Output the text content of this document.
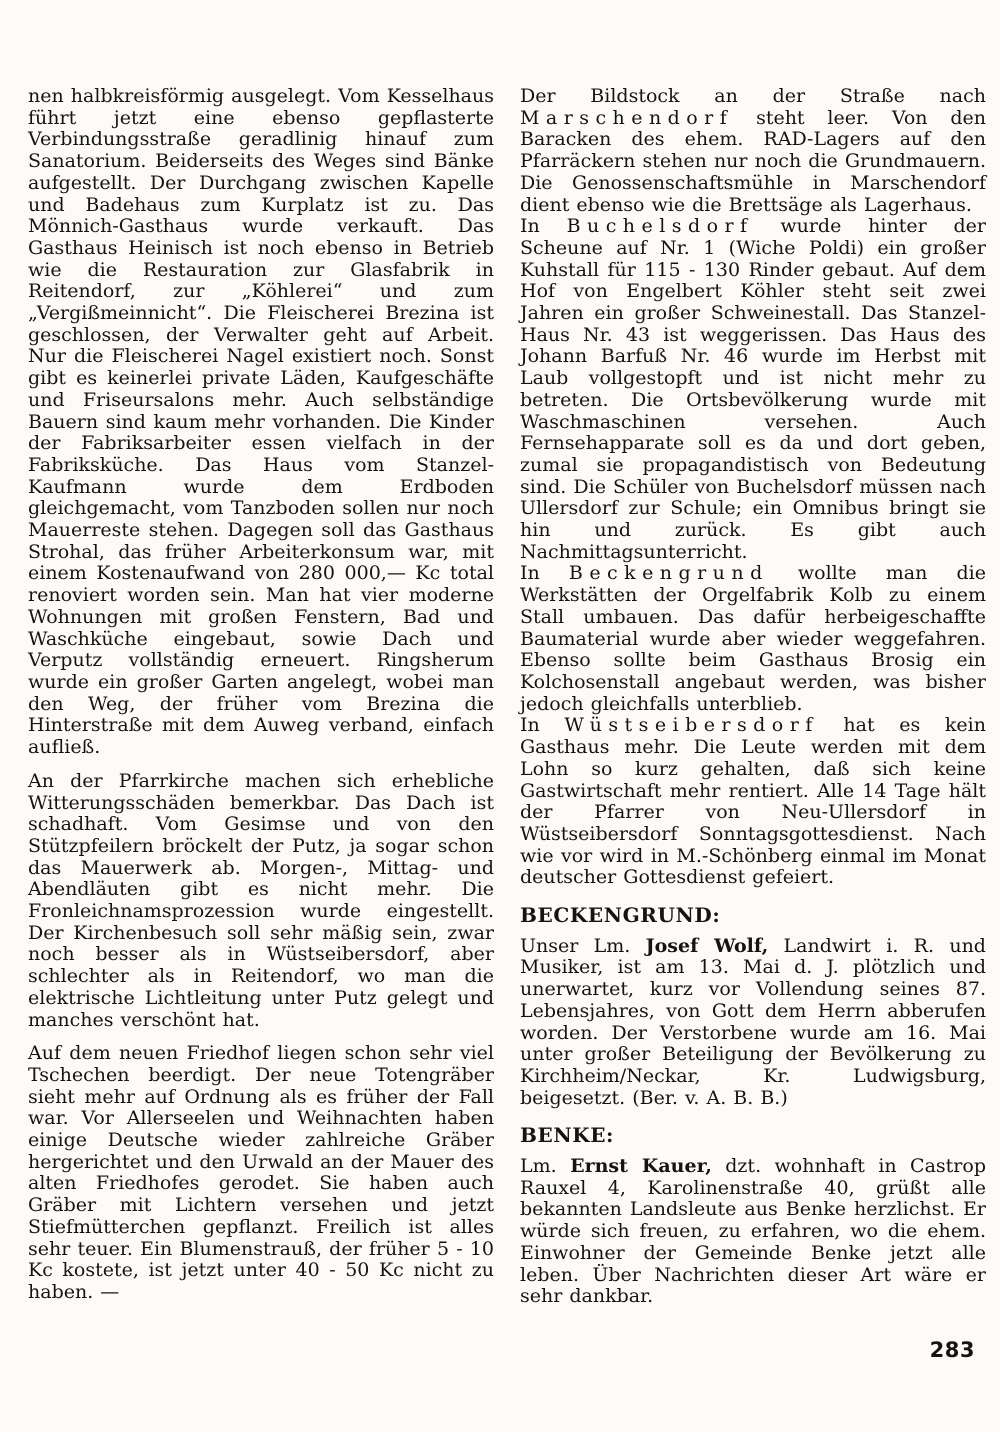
nen halbkreisförmig ausgelegt. Vom Kesselhaus führt jetzt eine ebenso gepflasterte Verbindungsstraße geradlinig hinauf zum Sanatorium. Beiderseits des Weges sind Bänke aufgestellt. Der Durchgang zwischen Kapelle und Badehaus zum Kurplatz ist zu. Das Mönnich-Gasthaus wurde verkauft. Das Gasthaus Heinisch ist noch ebenso in Betrieb wie die Restauration zur Glasfabrik in Reitendorf, zur „Köhlerei“ und zum „Vergißmeinnicht“. Die Fleischerei Brezina ist geschlossen, der Verwalter geht auf Arbeit. Nur die Fleischerei Nagel existiert noch. Sonst gibt es keinerlei private Läden, Kaufgeschäfte und Friseursalons mehr. Auch selbständige Bauern sind kaum mehr vorhanden. Die Kinder der Fabriksarbeiter essen vielfach in der Fabriksküche. Das Haus vom Stanzel-Kaufmann wurde dem Erdboden gleichgemacht, vom Tanzboden sollen nur noch Mauerreste stehen. Dagegen soll das Gasthaus Strohal, das früher Arbeiterkonsum war, mit einem Kostenaufwand von 280 000,— Kc total renoviert worden sein. Man hat vier moderne Wohnungen mit großen Fenstern, Bad und Waschküche eingebaut, sowie Dach und Verputz vollständig erneuert. Ringsherum wurde ein großer Garten angelegt, wobei man den Weg, der früher vom Brezina die Hinterstraße mit dem Auweg verband, einfach aufließ.

An der Pfarrkirche machen sich erhebliche Witterungsschäden bemerkbar. Das Dach ist schadhaft. Vom Gesimse und von den Stützpfeilern bröckelt der Putz, ja sogar schon das Mauerwerk ab. Morgen-, Mittag- und Abendläuten gibt es nicht mehr. Die Fronleichnamsprozession wurde eingestellt. Der Kirchenbesuch soll sehr mäßig sein, zwar noch besser als in Wüstseibersdorf, aber schlechter als in Reitendorf, wo man die elektrische Lichtleitung unter Putz gelegt und manches verschönt hat.

Auf dem neuen Friedhof liegen schon sehr viel Tschechen beerdigt. Der neue Totengräber sieht mehr auf Ordnung als es früher der Fall war. Vor Allerseelen und Weihnachten haben einige Deutsche wieder zahlreiche Gräber hergerichtet und den Urwald an der Mauer des alten Friedhofes gerodet. Sie haben auch Gräber mit Lichtern versehen und jetzt Stiefmütterchen gepflanzt. Freilich ist alles sehr teuer. Ein Blumenstrauß, der früher 5 - 10 Kc kostete, ist jetzt unter 40 - 50 Kc nicht zu haben. —

Der Bildstock an der Straße nach Marschendorf steht leer. Von den Baracken des ehem. RAD-Lagers auf den Pfarräckern stehen nur noch die Grundmauern. Die Genossenschaftsmühle in Marschendorf dient ebenso wie die Brettsäge als Lagerhaus.

In Buchelsdorf wurde hinter der Scheune auf Nr. 1 (Wiche Poldi) ein großer Kuhstall für 115 - 130 Rinder gebaut. Auf dem Hof von Engelbert Köhler steht seit zwei Jahren ein großer Schweinestall. Das Stanzel-Haus Nr. 43 ist weggerissen. Das Haus des Johann Barfuß Nr. 46 wurde im Herbst mit Laub vollgestopft und ist nicht mehr zu betreten. Die Ortsbevölkerung wurde mit Waschmaschinen versehen. Auch Fernsehapparate soll es da und dort geben, zumal sie propagandistisch von Bedeutung sind. Die Schüler von Buchelsdorf müssen nach Ullersdorf zur Schule; ein Omnibus bringt sie hin und zurück. Es gibt auch Nachmittagsunterricht.

In Beckengrund wollte man die Werkstätten der Orgelfabrik Kolb zu einem Stall umbauen. Das dafür herbeigeschaffte Baumaterial wurde aber wieder weggefahren. Ebenso sollte beim Gasthaus Brosig ein Kolchosenstall angebaut werden, was bisher jedoch gleichfalls unterblieb.

In Wüstseibersdorf hat es kein Gasthaus mehr. Die Leute werden mit dem Lohn so kurz gehalten, daß sich keine Gastwirtschaft mehr rentiert. Alle 14 Tage hält der Pfarrer von Neu-Ullersdorf in Wüstseibersdorf Sonntagsgottesdienst. Nach wie vor wird in M.-Schönberg einmal im Monat deutscher Gottesdienst gefeiert.

BECKENGRUND:

Unser Lm. Josef Wolf, Landwirt i. R. und Musiker, ist am 13. Mai d. J. plötzlich und unerwartet, kurz vor Vollendung seines 87. Lebensjahres, von Gott dem Herrn abberufen worden. Der Verstorbene wurde am 16. Mai unter großer Beteiligung der Bevölkerung zu Kirchheim/Neckar, Kr. Ludwigsburg, beigesetzt. (Ber. v. A. B. B.)

BENKE:

Lm. Ernst Kauer, dzt. wohnhaft in Castrop Rauxel 4, Karolinenstraße 40, grüßt alle bekannten Landsleute aus Benke herzlichst. Er würde sich freuen, zu erfahren, wo die ehem. Einwohner der Gemeinde Benke jetzt alle leben. Über Nachrichten dieser Art wäre er sehr dankbar.

283
